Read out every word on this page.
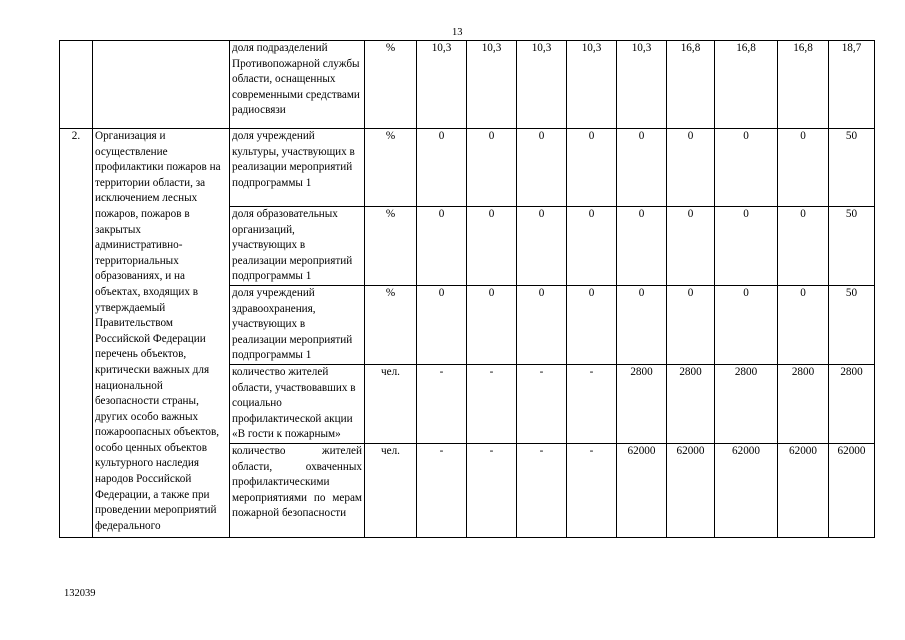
13
		доля подразделений Противопожарной службы области, оснащенных современными средствами радиосвязи	%	10,3	10,3	10,3	10,3	10,3	16,8	16,8	16,8	18,7
2.	Организация и осуществление профилактики пожаров на территории области, за исключением лесных пожаров, пожаров в закрытых административно-территориальных образованиях, и на объектах, входящих в утверждаемый Правительством Российской Федерации перечень объектов, критически важных для национальной безопасности страны, других особо важных пожароопасных объектов, особо ценных объектов культурного наследия народов Российской Федерации, а также при проведении мероприятий федерального	доля учреждений культуры, участвующих в реализации мероприятий подпрограммы 1	%	0	0	0	0	0	0	0	0	50
		доля образовательных организаций, участвующих в реализации мероприятий подпрограммы 1	%	0	0	0	0	0	0	0	0	50
		доля учреждений здравоохранения, участвующих в реализации мероприятий подпрограммы 1	%	0	0	0	0	0	0	0	0	50
		количество жителей области, участвовавших в социально профилактической акции «В гости к пожарным»	чел.	-	-	-	-	2800	2800	2800	2800	2800
		количество жителей области, охваченных профилактическими мероприятиями по мерам пожарной безопасности	чел.	-	-	-	-	62000	62000	62000	62000	62000
132039
